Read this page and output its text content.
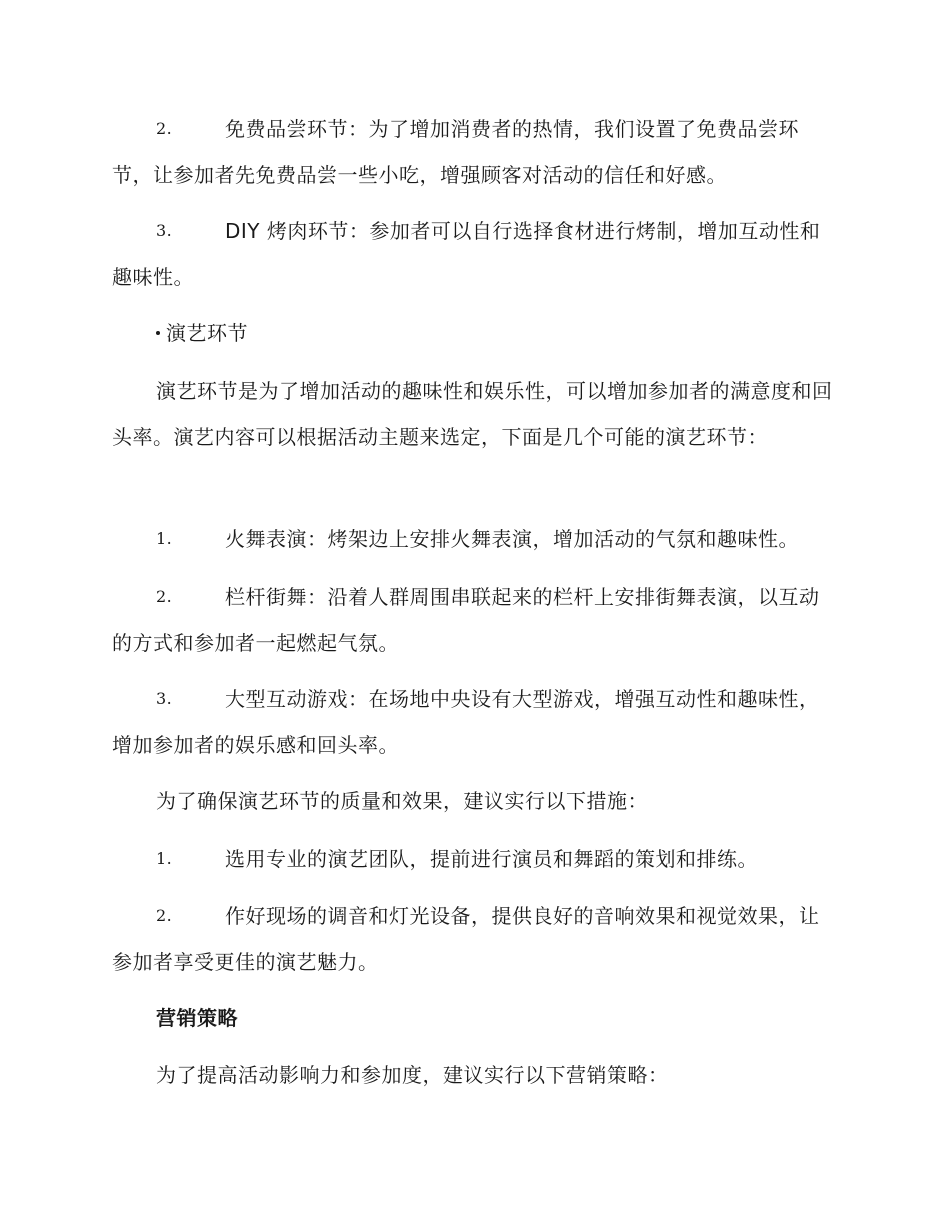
2.	免费品尝环节：为了增加消费者的热情，我们设置了免费品尝环节，让参加者先免费品尝一些小吃，增强顾客对活动的信任和好感。
3.	DIY 烤肉环节：参加者可以自行选择食材进行烤制，增加互动性和趣味性。

演艺环节

演艺环节是为了增加活动的趣味性和娱乐性，可以增加参加者的满意度和回头率。演艺内容可以根据活动主题来选定，下面是几个可能的演艺环节：

1.	火舞表演：烤架边上安排火舞表演，增加活动的气氛和趣味性。
2.	栏杆街舞：沿着人群周围串联起来的栏杆上安排街舞表演，以互动的方式和参加者一起燃起气氛。
3.	大型互动游戏：在场地中央设有大型游戏，增强互动性和趣味性，增加参加者的娱乐感和回头率。

为了确保演艺环节的质量和效果，建议实行以下措施：

1.	选用专业的演艺团队，提前进行演员和舞蹈的策划和排练。
2.	作好现场的调音和灯光设备，提供良好的音响效果和视觉效果，让参加者享受更佳的演艺魅力。

营销策略

为了提高活动影响力和参加度，建议实行以下营销策略：
